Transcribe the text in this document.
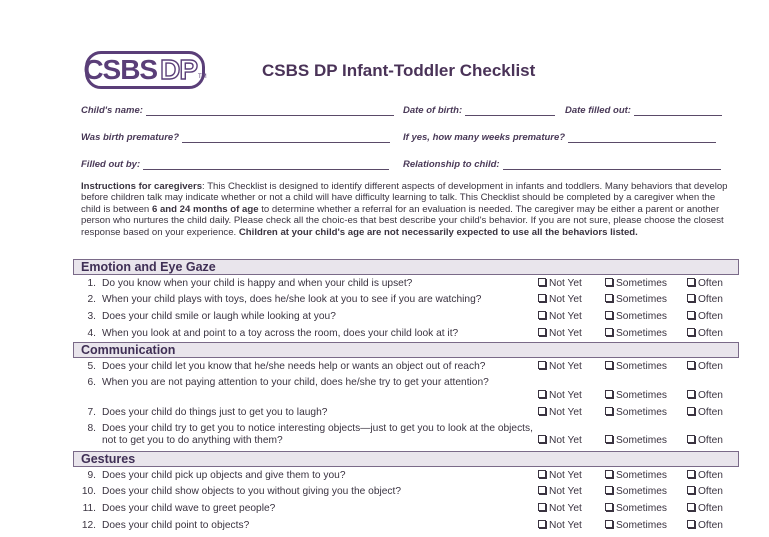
CSBS DP TM	CSBS DP Infant-Toddler Checklist
Child's name:	Date of birth:	Date filled out:
Was birth premature?	If yes, how many weeks premature?
Filled out by:	Relationship to child:
Instructions for caregivers: This Checklist is designed to identify different aspects of development in infants and toddlers. Many behaviors that develop before children talk may indicate whether or not a child will have difficulty learning to talk. This Checklist should be completed by a caregiver when the child is between 6 and 24 months of age to determine whether a referral for an evaluation is needed. The caregiver may be either a parent or another person who nurtures the child daily. Please check all the choic-es that best describe your child's behavior. If you are not sure, please choose the closest response based on your experience. Children at your child's age are not necessarily expected to use all the behaviors listed.
Emotion and Eye Gaze
1. Do you know when your child is happy and when your child is upset?	Not Yet	Sometimes	Often
2. When your child plays with toys, does he/she look at you to see if you are watching?	Not Yet	Sometimes	Often
3. Does your child smile or laugh while looking at you?	Not Yet	Sometimes	Often
4. When you look at and point to a toy across the room, does your child look at it?	Not Yet	Sometimes	Often
Communication
5. Does your child let you know that he/she needs help or wants an object out of reach?	Not Yet	Sometimes	Often
6. When you are not paying attention to your child, does he/she try to get your attention?
Not Yet	Sometimes	Often
7. Does your child do things just to get you to laugh?	Not Yet	Sometimes	Often
8. Does your child try to get you to notice interesting objects—just to get you to look at the objects, not to get you to do anything with them?	Not Yet	Sometimes	Often
Gestures
9. Does your child pick up objects and give them to you?	Not Yet	Sometimes	Often
10. Does your child show objects to you without giving you the object?	Not Yet	Sometimes	Often
11. Does your child wave to greet people?	Not Yet	Sometimes	Often
12. Does your child point to objects?	Not Yet	Sometimes	Often
